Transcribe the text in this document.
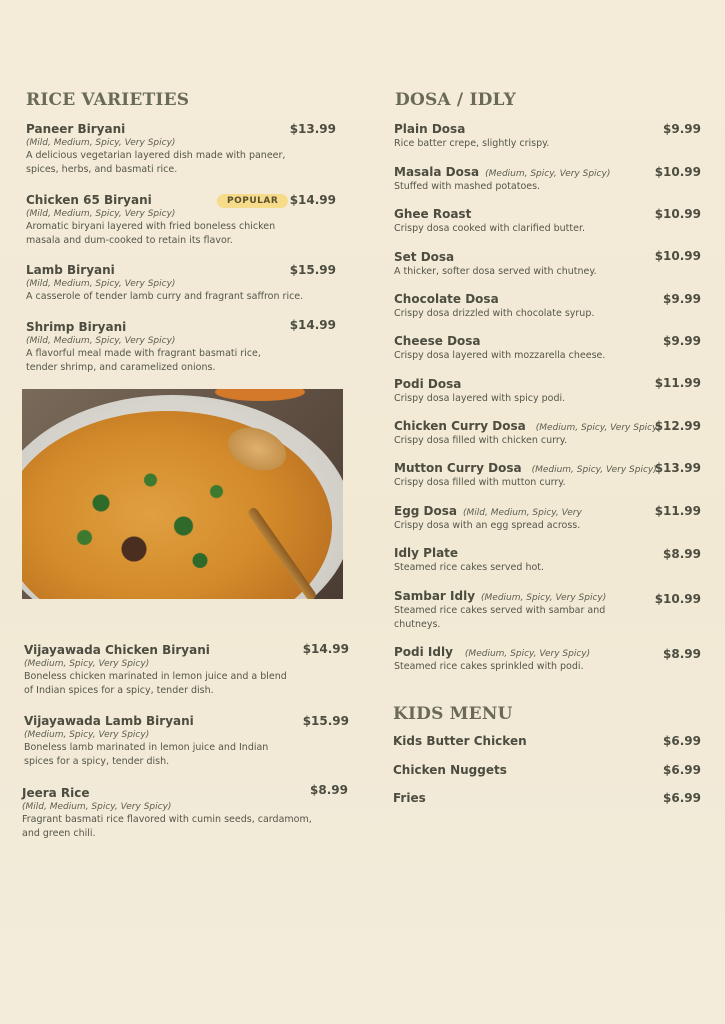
RICE VARIETIES
Paneer Biryani
(Mild, Medium, Spicy, Very Spicy)
A delicious vegetarian layered dish made with paneer,
spices, herbs, and basmati rice.
$13.99
Chicken 65 Biryani
(Mild, Medium, Spicy, Very Spicy)
Aromatic biryani layered with fried boneless chicken
masala and dum-cooked to retain its flavor.
POPULAR $14.99
Lamb Biryani
(Mild, Medium, Spicy, Very Spicy)
A casserole of tender lamb curry and fragrant saffron rice.
$15.99
Shrimp Biryani
(Mild, Medium, Spicy, Very Spicy)
A flavorful meal made with fragrant basmati rice,
tender shrimp, and caramelized onions.
$14.99
Vijayawada Chicken Biryani
(Medium, Spicy, Very Spicy)
Boneless chicken marinated in lemon juice and a blend
of Indian spices for a spicy, tender dish.
$14.99
Vijayawada Lamb Biryani
(Medium, Spicy, Very Spicy)
Boneless lamb marinated in lemon juice and Indian
spices for a spicy, tender dish.
$15.99
Jeera Rice
(Mild, Medium, Spicy, Very Spicy)
Fragrant basmati rice flavored with cumin seeds, cardamom,
and green chili.
$8.99
DOSA / IDLY
Plain Dosa
Rice batter crepe, slightly crispy.
$9.99
Masala Dosa (Medium, Spicy, Very Spicy)
Stuffed with mashed potatoes.
$10.99
Ghee Roast
Crispy dosa cooked with clarified butter.
$10.99
Set Dosa
A thicker, softer dosa served with chutney.
$10.99
Chocolate Dosa
Crispy dosa drizzled with chocolate syrup.
$9.99
Cheese Dosa
Crispy dosa layered with mozzarella cheese.
$9.99
Podi Dosa
Crispy dosa layered with spicy podi.
$11.99
Chicken Curry Dosa (Medium, Spicy, Very Spicy)
Crispy dosa filled with chicken curry.
$12.99
Mutton Curry Dosa (Medium, Spicy, Very Spicy)
Crispy dosa filled with mutton curry.
$13.99
Egg Dosa (Mild, Medium, Spicy, Very
Crispy dosa with an egg spread across.
$11.99
Idly Plate
Steamed rice cakes served hot.
$8.99
Sambar Idly (Medium, Spicy, Very Spicy)
Steamed rice cakes served with sambar and
chutneys.
$10.99
Podi Idly (Medium, Spicy, Very Spicy)
Steamed rice cakes sprinkled with podi.
$8.99
KIDS MENU
Kids Butter Chicken	$6.99
Chicken Nuggets	$6.99
Fries	$6.99
